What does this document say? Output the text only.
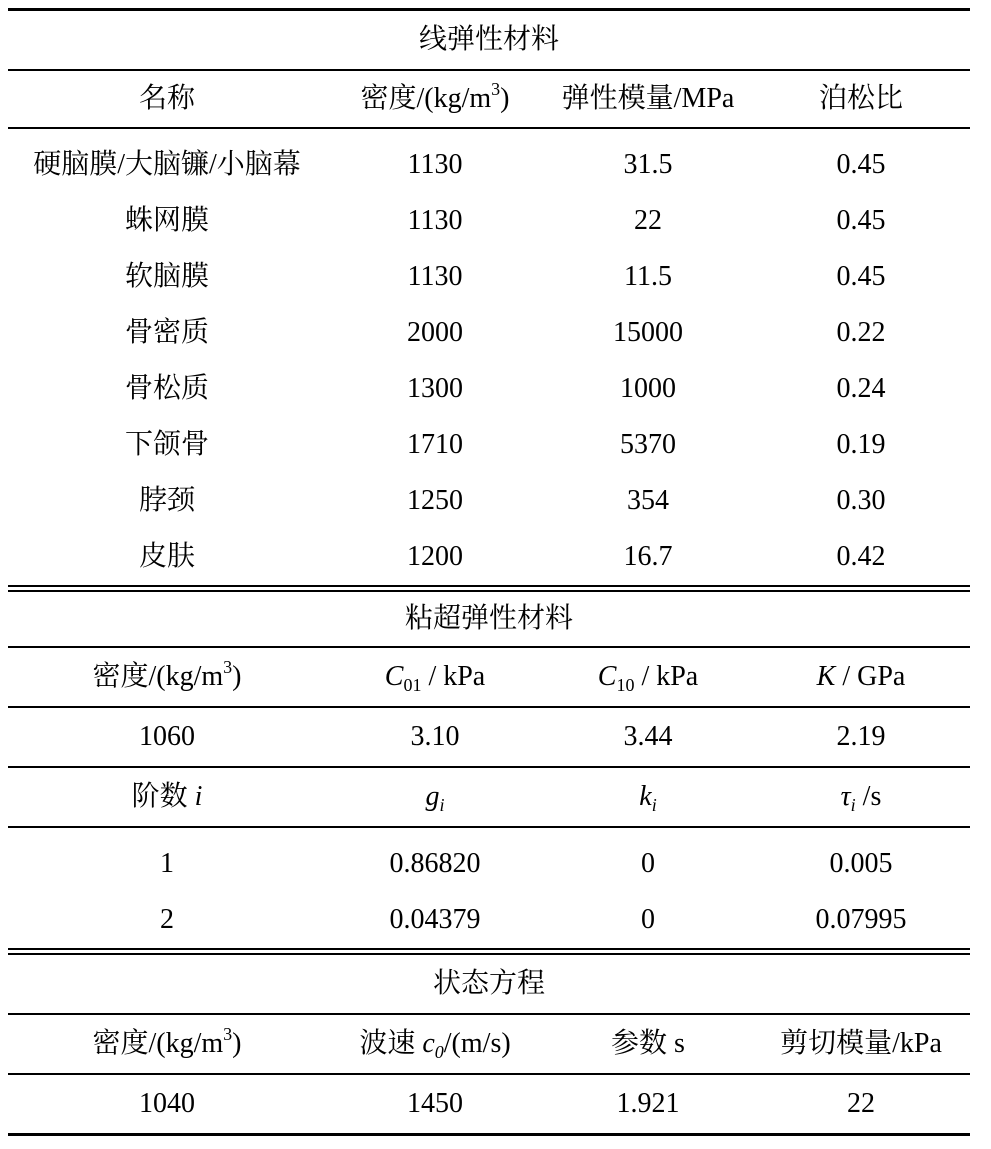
线弹性材料
名称	密度$/(kg/m^3)$	弹性模量/MPa	泊松比
硬脑膜/大脑镰/小脑幕	1130	31.5	0.45
蛛网膜	1130	22	0.45
软脑膜	1130	11.5	0.45
骨密质	2000	15000	0.22
骨松质	1300	1000	0.24
下颌骨	1710	5370	0.19
脖颈	1250	354	0.30
皮肤	1200	16.7	0.42
粘超弹性材料
密度$/(kg/m^3)$	$C_{01}$ / kPa	$C_{10}$ / kPa	K / GPa
1060	3.10	3.44	2.19
阶数 i	$g_i$	$k_i$	$\tau_i$ /s
1	0.86820	0	0.005
2	0.04379	0	0.07995
状态方程
密度$/(kg/m^3)$	波速 $c_0/(m/s)$	参数 s	剪切模量/kPa
1040	1450	1.921	22
